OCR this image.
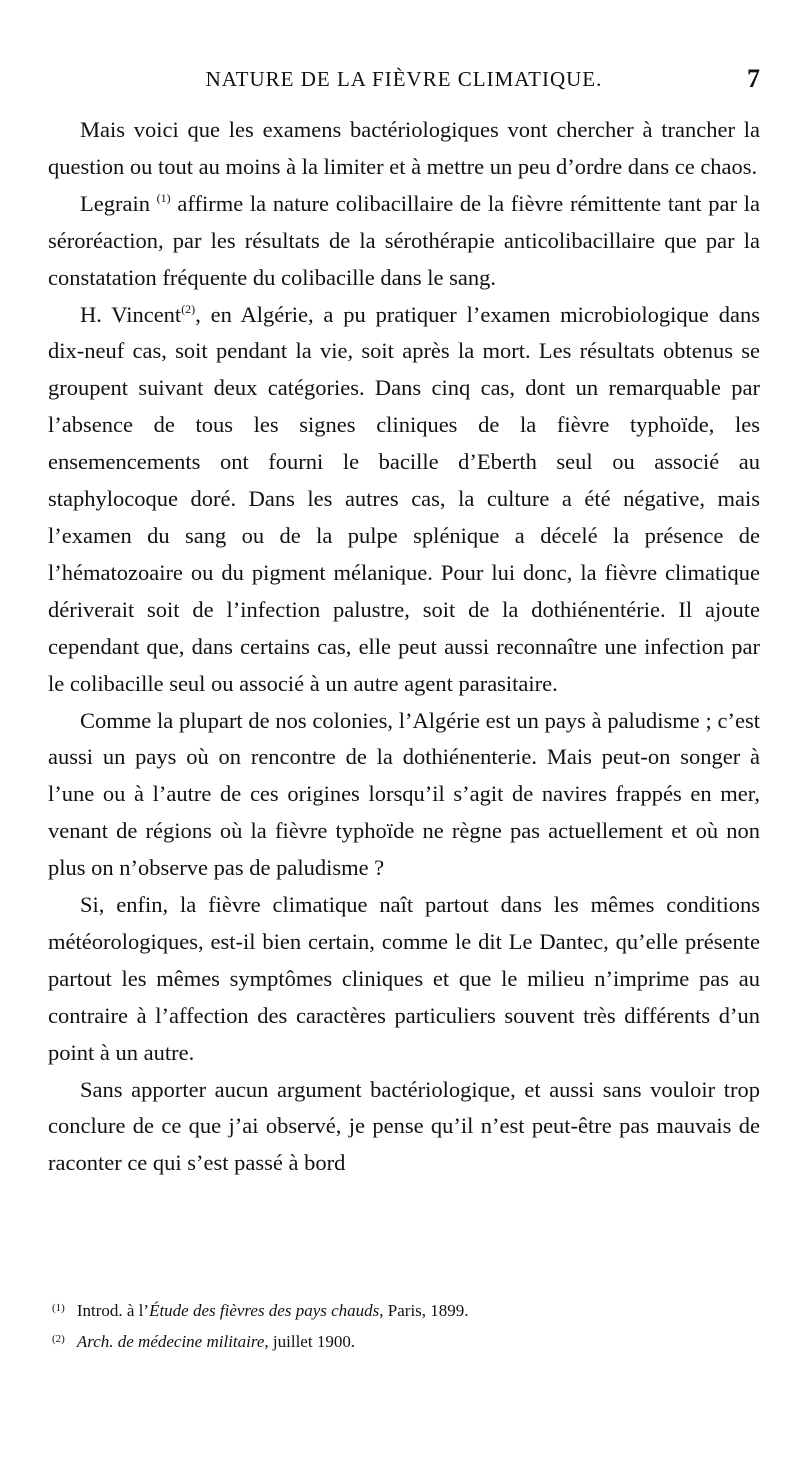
NATURE DE LA FIÈVRE CLIMATIQUE.	7

Mais voici que les examens bactériologiques vont chercher à trancher la question ou tout au moins à la limiter et à mettre un peu d’ordre dans ce chaos.

Legrain $^{(1)}$ affirme la nature colibacillaire de la fièvre rémittente tant par la séroréaction, par les résultats de la sérothérapie anticolibacillaire que par la constatation fréquente du colibacille dans le sang.

H. Vincent$^{(2)}$, en Algérie, a pu pratiquer l’examen microbiologique dans dix-neuf cas, soit pendant la vie, soit après la mort. Les résultats obtenus se groupent suivant deux catégories. Dans cinq cas, dont un remarquable par l’absence de tous les signes cliniques de la fièvre typhoïde, les ensemencements ont fourni le bacille d’Eberth seul ou associé au staphylocoque doré. Dans les autres cas, la culture a été négative, mais l’examen du sang ou de la pulpe splénique a décelé la présence de l’hématozoaire ou du pigment mélanique. Pour lui donc, la fièvre climatique dériverait soit de l’infection palustre, soit de la dothiénentérie. Il ajoute cependant que, dans certains cas, elle peut aussi reconnaître une infection par le colibacille seul ou associé à un autre agent parasitaire.

Comme la plupart de nos colonies, l’Algérie est un pays à paludisme ; c’est aussi un pays où on rencontre de la dothiénenterie. Mais peut-on songer à l’une ou à l’autre de ces origines lorsqu’il s’agit de navires frappés en mer, venant de régions où la fièvre typhoïde ne règne pas actuellement et où non plus on n’observe pas de paludisme ?

Si, enfin, la fièvre climatique naît partout dans les mêmes conditions météorologiques, est-il bien certain, comme le dit Le Dantec, qu’elle présente partout les mêmes symptômes cliniques et que le milieu n’imprime pas au contraire à l’affection des caractères particuliers souvent très différents d’un point à un autre.

Sans apporter aucun argument bactériologique, et aussi sans vouloir trop conclure de ce que j’ai observé, je pense qu’il n’est peut-être pas mauvais de raconter ce qui s’est passé à bord

$^{(1)}$ Introd. à l’Étude des fièvres des pays chauds, Paris, 1899.
$^{(2)}$ Arch. de médecine militaire, juillet 1900.
